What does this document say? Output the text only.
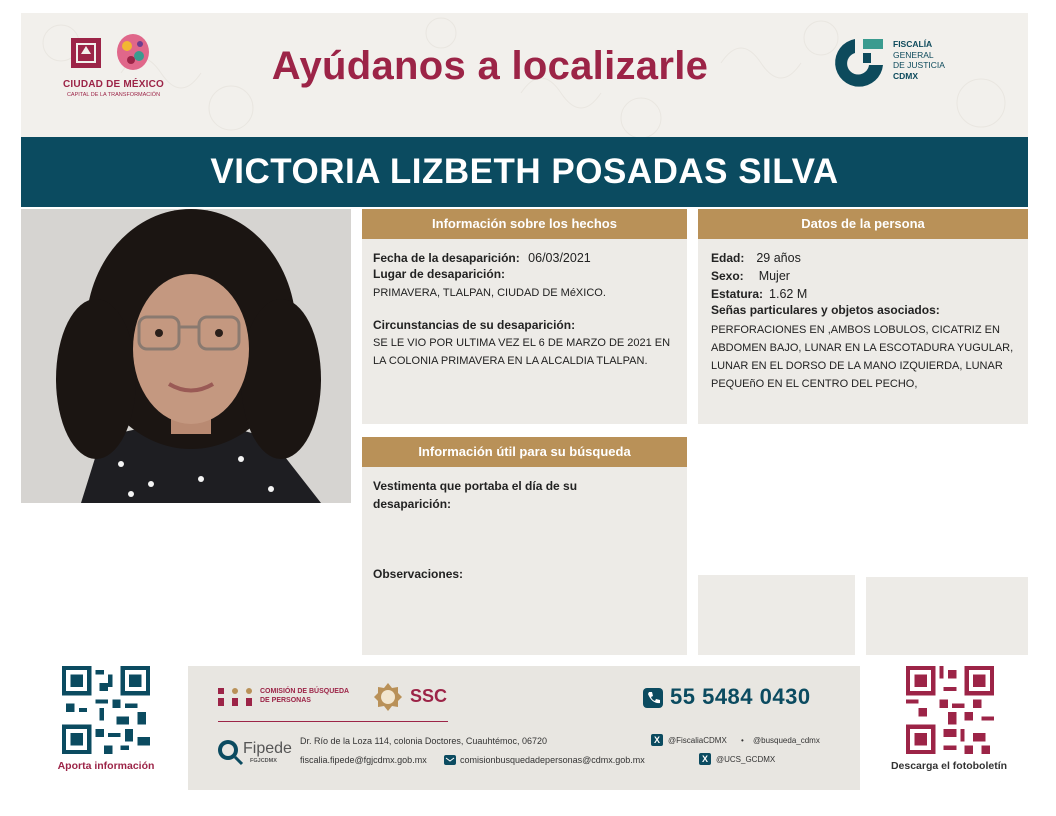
CIUDAD DE MÉXICO
CAPITAL DE LA TRANSFORMACIÓN
Ayúdanos a localizarle	FISCALÍA
GENERAL
DE JUSTICIA
CDMX
VICTORIA LIZBETH POSADAS SILVA
Información sobre los hechos
Fecha de la desaparición: 06/03/2021
Lugar de desaparición:
PRIMAVERA, TLALPAN, CIUDAD DE MéXICO.
Circunstancias de su desaparición:
SE LE VIO POR ULTIMA VEZ EL 6 DE MARZO DE 2021 EN LA COLONIA PRIMAVERA EN LA ALCALDIA TLALPAN.
Datos de la persona
Edad: 29 años
Sexo: Mujer
Estatura: 1.62 M
Señas particulares y objetos asociados:
PERFORACIONES EN ,AMBOS LOBULOS, CICATRIZ EN ABDOMEN BAJO, LUNAR EN LA ESCOTADURA YUGULAR, LUNAR EN EL DORSO DE LA MANO IZQUIERDA, LUNAR PEQUEñO EN EL CENTRO DEL PECHO,
Información útil para su búsqueda
Vestimenta que portaba el día de su desaparición:
Observaciones:
Aporta información
COMISIÓN DE BÚSQUEDA
DE PERSONAS	SSC	55 5484 0430
Fipede
FGJCDMX
Dr. Río de la Loza 114, colonia Doctores, Cuauhtémoc, 06720
fiscalia.fipede@fgjcdmx.gob.mx	comisionbusquedadepersonas@cdmx.gob.mx
X	@FiscaliaCDMX • @busqueda_cdmx
X	@UCS_GCDMX
Descarga el fotoboletín
